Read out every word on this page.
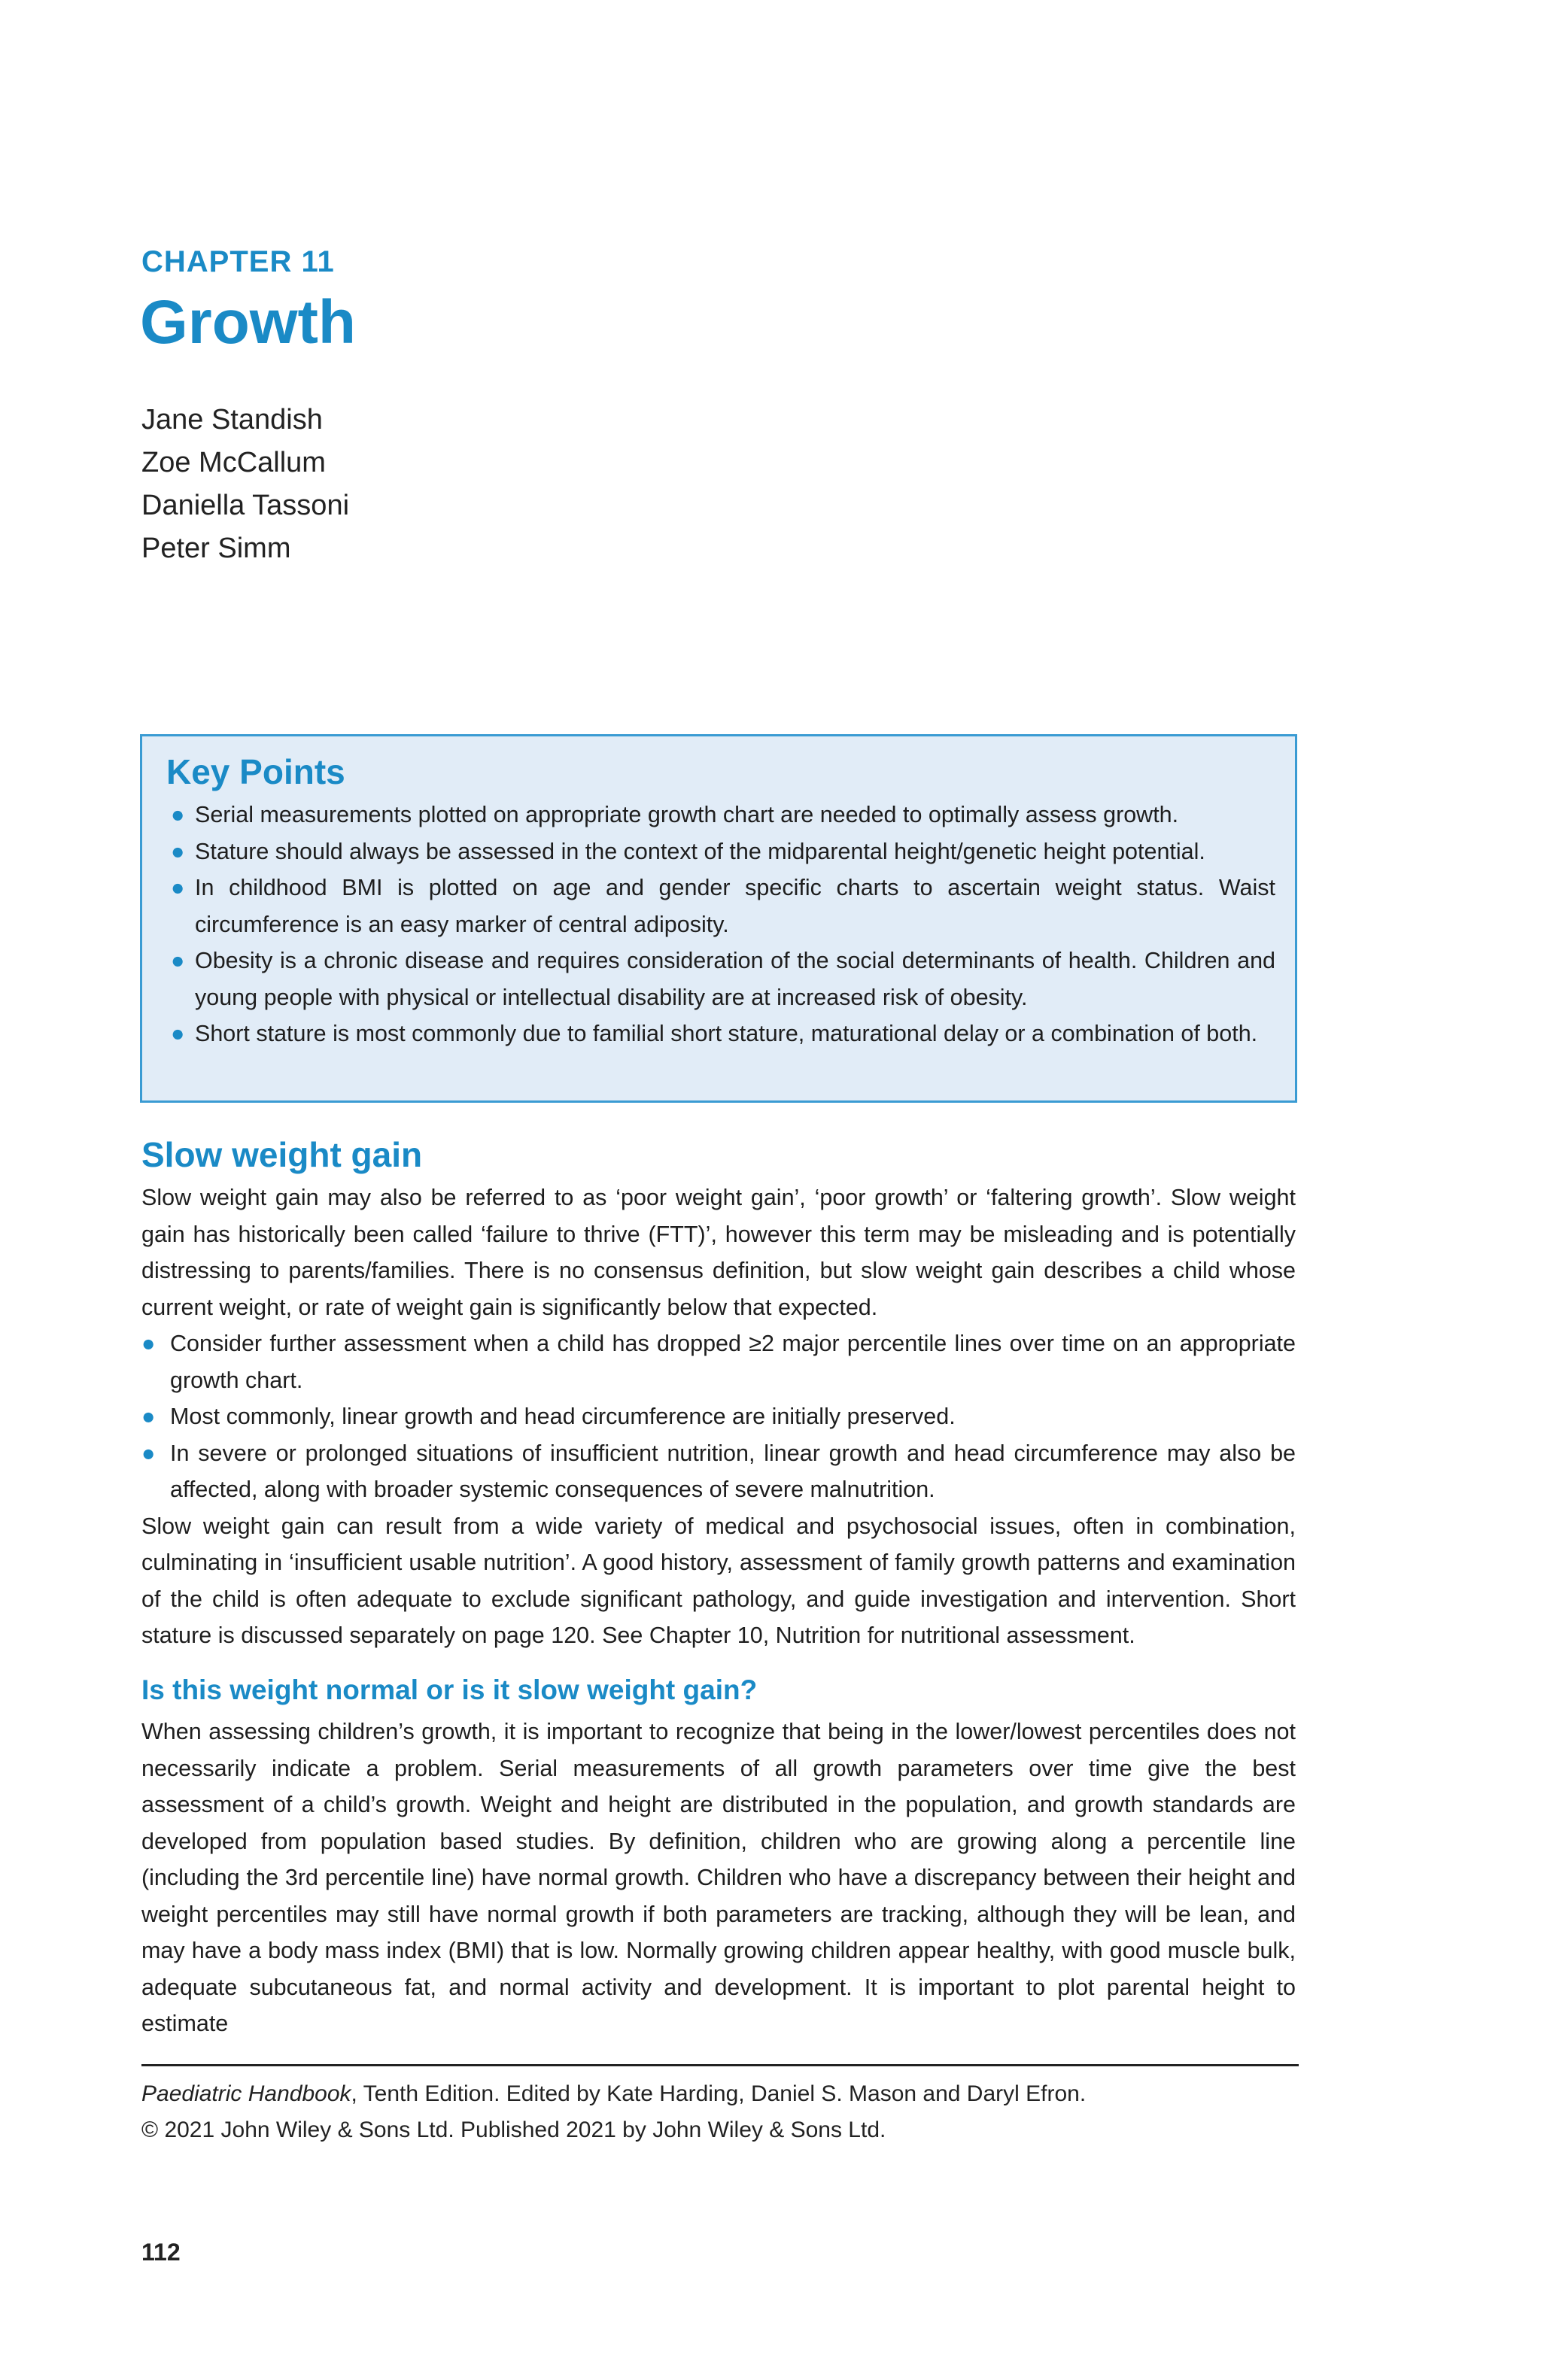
CHAPTER 11
Growth
Jane Standish
Zoe McCallum
Daniella Tassoni
Peter Simm
Key Points
● Serial measurements plotted on appropriate growth chart are needed to optimally assess growth.
● Stature should always be assessed in the context of the midparental height/genetic height potential.
● In childhood BMI is plotted on age and gender specific charts to ascertain weight status. Waist circumference is an easy marker of central adiposity.
● Obesity is a chronic disease and requires consideration of the social determinants of health. Children and young people with physical or intellectual disability are at increased risk of obesity.
● Short stature is most commonly due to familial short stature, maturational delay or a combination of both.
Slow weight gain

Slow weight gain may also be referred to as ‘poor weight gain’, ‘poor growth’ or ‘faltering growth’. Slow weight gain has historically been called ‘failure to thrive (FTT)’, however this term may be misleading and is potentially distressing to parents/families. There is no consensus definition, but slow weight gain describes a child whose current weight, or rate of weight gain is significantly below that expected.

● Consider further assessment when a child has dropped ≥2 major percentile lines over time on an appropriate growth chart.
● Most commonly, linear growth and head circumference are initially preserved.
● In severe or prolonged situations of insufficient nutrition, linear growth and head circumference may also be affected, along with broader systemic consequences of severe malnutrition.

Slow weight gain can result from a wide variety of medical and psychosocial issues, often in combination, culminating in ‘insufficient usable nutrition’. A good history, assessment of family growth patterns and examination of the child is often adequate to exclude significant pathology, and guide investigation and intervention. Short stature is discussed separately on page 120. See Chapter 10, Nutrition for nutritional assessment.

Is this weight normal or is it slow weight gain?

When assessing children’s growth, it is important to recognize that being in the lower/lowest percentiles does not necessarily indicate a problem. Serial measurements of all growth parameters over time give the best assessment of a child’s growth. Weight and height are distributed in the population, and growth standards are developed from population based studies. By definition, children who are growing along a percentile line (including the 3rd percentile line) have normal growth. Children who have a discrepancy between their height and weight percentiles may still have normal growth if both parameters are tracking, although they will be lean, and may have a body mass index (BMI) that is low. Normally growing children appear healthy, with good muscle bulk, adequate subcutaneous fat, and normal activity and development. It is important to plot parental height to estimate

Paediatric Handbook, Tenth Edition. Edited by Kate Harding, Daniel S. Mason and Daryl Efron.
© 2021 John Wiley & Sons Ltd. Published 2021 by John Wiley & Sons Ltd.
112
